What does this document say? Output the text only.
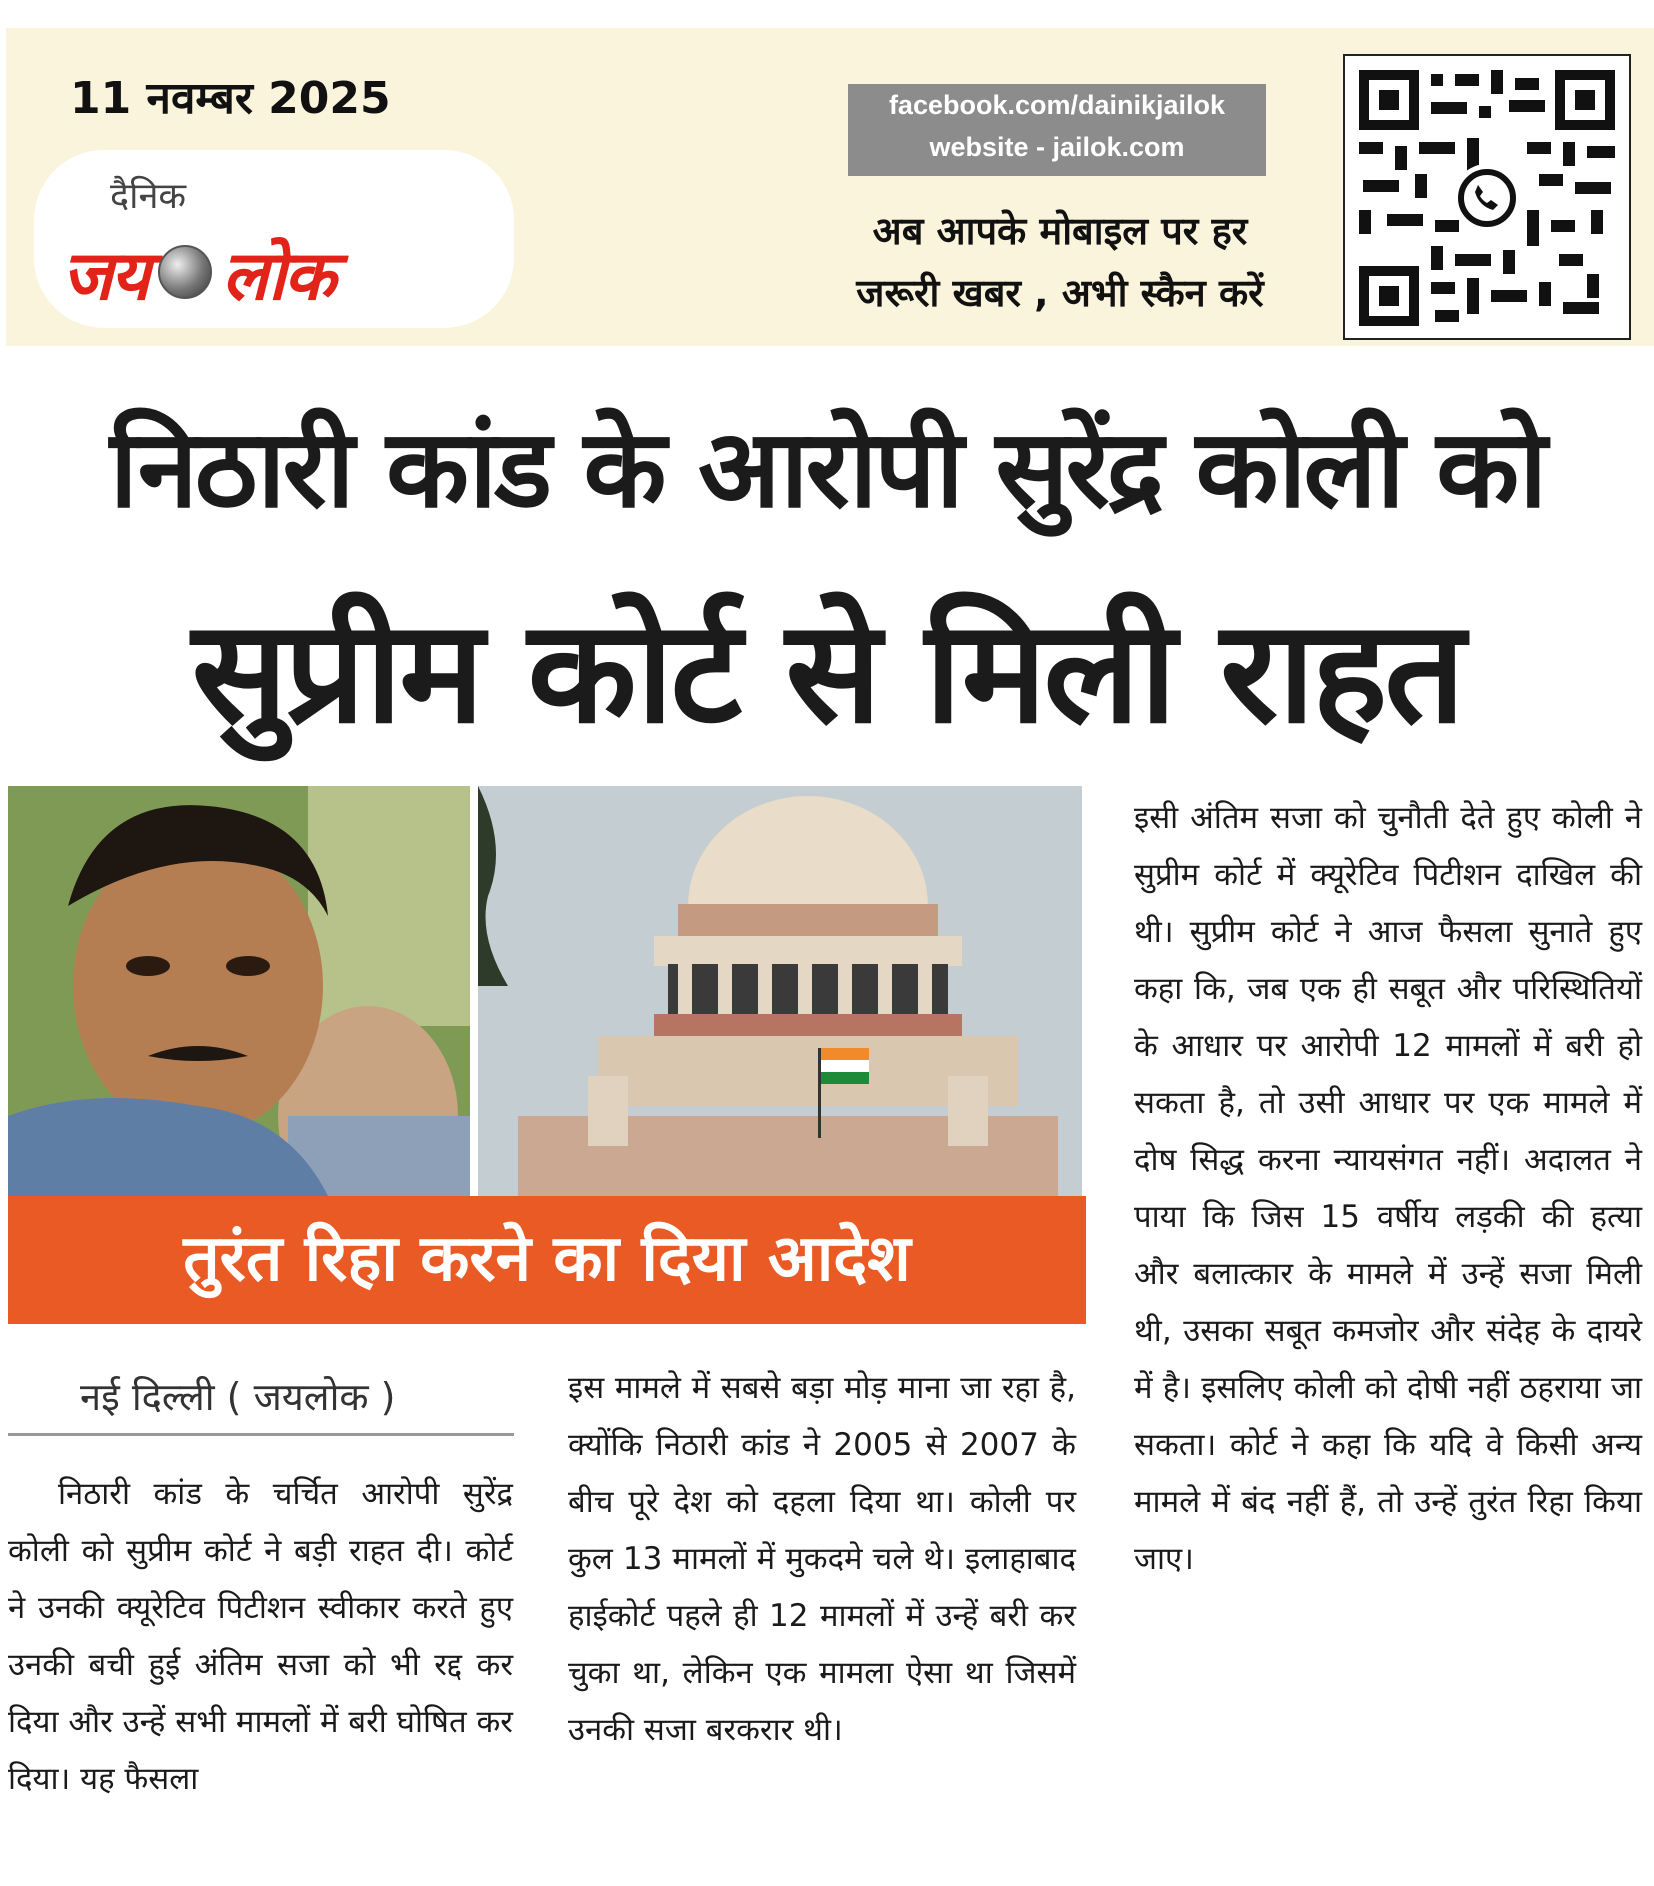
11 नवम्बर 2025
दैनिक
जय लोक
facebook.com/dainikjailok
website - jailok.com
अब आपके मोबाइल पर हर
जरूरी खबर , अभी स्कैन करें
निठारी कांड के आरोपी सुरेंद्र कोली को
सुप्रीम कोर्ट से मिली राहत
तुरंत रिहा करने का दिया आदेश
नई दिल्ली ( जयलोक )
निठारी कांड के चर्चित आरोपी सुरेंद्र कोली को सुप्रीम कोर्ट ने बड़ी राहत दी। कोर्ट ने उनकी क्यूरेटिव पिटीशन स्वीकार करते हुए उनकी बची हुई अंतिम सजा को भी रद्द कर दिया और उन्हें सभी मामलों में बरी घोषित कर दिया। यह फैसला
इस मामले में सबसे बड़ा मोड़ माना जा रहा है, क्योंकि निठारी कांड ने 2005 से 2007 के बीच पूरे देश को दहला दिया था। कोली पर कुल 13 मामलों में मुकदमे चले थे। इलाहाबाद हाईकोर्ट पहले ही 12 मामलों में उन्हें बरी कर चुका था, लेकिन एक मामला ऐसा था जिसमें उनकी सजा बरकरार थी।
इसी अंतिम सजा को चुनौती देते हुए कोली ने सुप्रीम कोर्ट में क्यूरेटिव पिटीशन दाखिल की थी। सुप्रीम कोर्ट ने आज फैसला सुनाते हुए कहा कि, जब एक ही सबूत और परिस्थितियों के आधार पर आरोपी 12 मामलों में बरी हो सकता है, तो उसी आधार पर एक मामले में दोष सिद्ध करना न्यायसंगत नहीं। अदालत ने पाया कि जिस 15 वर्षीय लड़की की हत्या और बलात्कार के मामले में उन्हें सजा मिली थी, उसका सबूत कमजोर और संदेह के दायरे में है। इसलिए कोली को दोषी नहीं ठहराया जा सकता। कोर्ट ने कहा कि यदि वे किसी अन्य मामले में बंद नहीं हैं, तो उन्हें तुरंत रिहा किया जाए।
